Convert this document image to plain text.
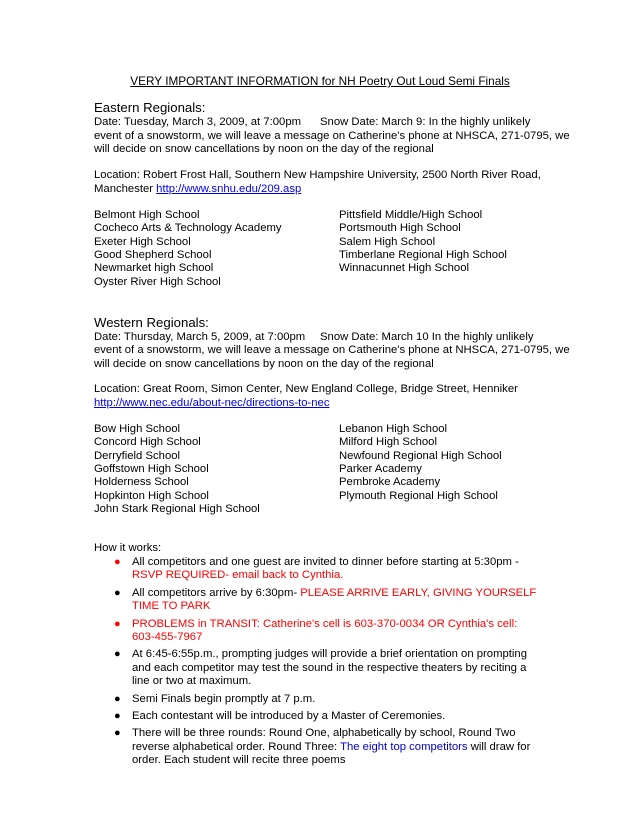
VERY IMPORTANT INFORMATION for NH Poetry Out Loud Semi Finals
Eastern Regionals:
Date: Tuesday, March 3, 2009, at 7:00pm Snow Date: March 9: In the highly unlikely
event of a snowstorm, we will leave a message on Catherine's phone at NHSCA, 271-0795, we
will decide on snow cancellations by noon on the day of the regional
Location: Robert Frost Hall, Southern New Hampshire University, 2500 North River Road,
Manchester http://www.snhu.edu/209.asp
Belmont High School
Cocheco Arts & Technology Academy
Exeter High School
Good Shepherd School
Newmarket high School
Oyster River High School
Pittsfield Middle/High School
Portsmouth High School
Salem High School
Timberlane Regional High School
Winnacunnet High School
Western Regionals:
Date: Thursday, March 5, 2009, at 7:00pm Snow Date: March 10 In the highly unlikely
event of a snowstorm, we will leave a message on Catherine's phone at NHSCA, 271-0795, we
will decide on snow cancellations by noon on the day of the regional
Location: Great Room, Simon Center, New England College, Bridge Street, Henniker
http://www.nec.edu/about-nec/directions-to-nec
Bow High School
Concord High School
Derryfield School
Goffstown High School
Holderness School
Hopkinton High School
John Stark Regional High School
Lebanon High School
Milford High School
Newfound Regional High School
Parker Academy
Pembroke Academy
Plymouth Regional High School
How it works:
● All competitors and one guest are invited to dinner before starting at 5:30pm -RSVP REQUIRED- email back to Cynthia.
● All competitors arrive by 6:30pm- PLEASE ARRIVE EARLY, GIVING YOURSELF TIME TO PARK
● PROBLEMS in TRANSIT: Catherine's cell is 603-370-0034 OR Cynthia's cell: 603-455-7967
● At 6:45-6:55p.m., prompting judges will provide a brief orientation on prompting and each competitor may test the sound in the respective theaters by reciting a line or two at maximum.
● Semi Finals begin promptly at 7 p.m.
● Each contestant will be introduced by a Master of Ceremonies.
● There will be three rounds: Round One, alphabetically by school, Round Two reverse alphabetical order. Round Three: The eight top competitors will draw for order. Each student will recite three poems
